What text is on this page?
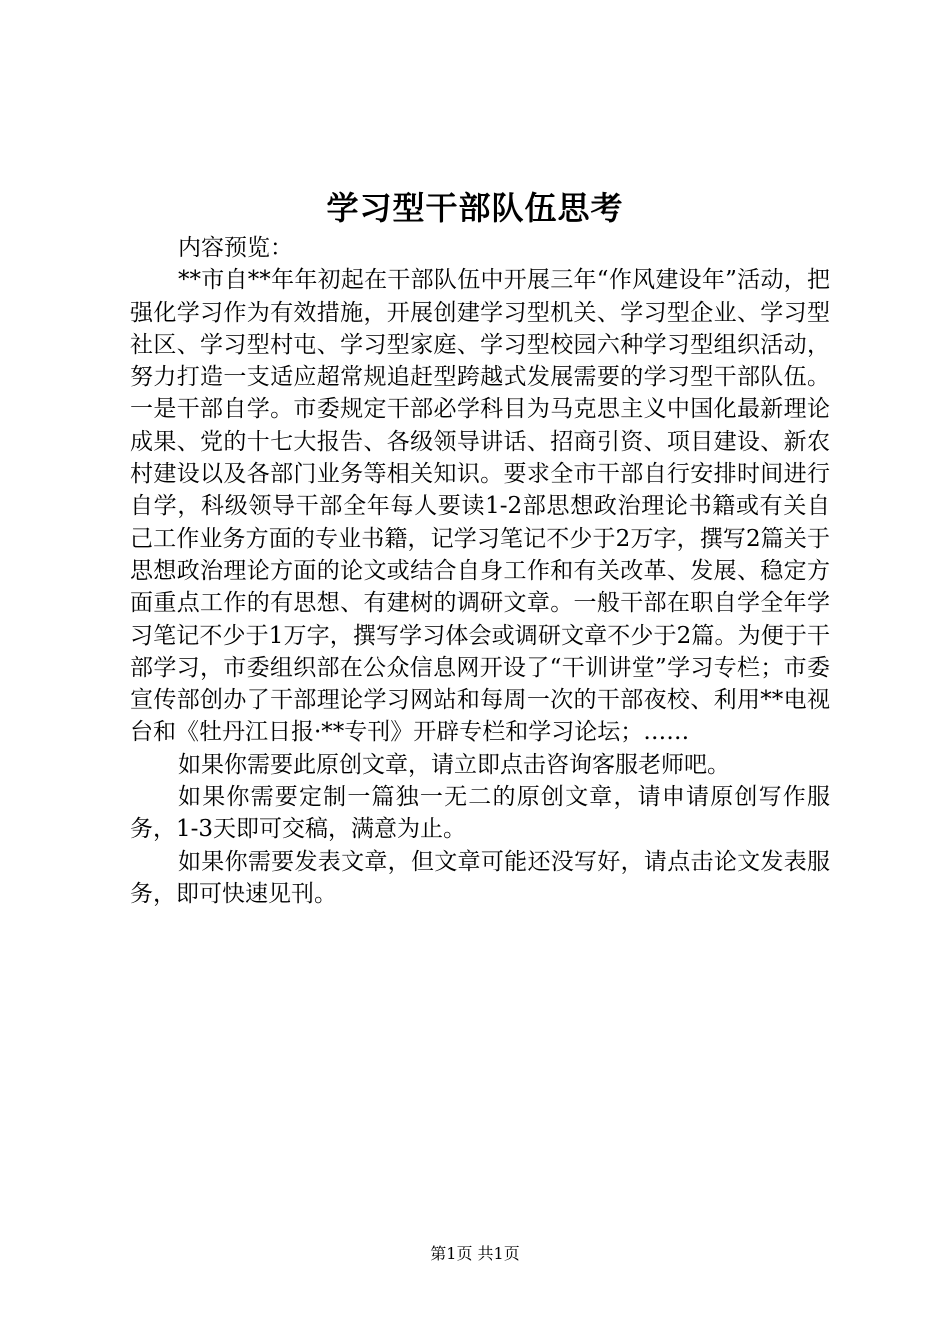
学习型干部队伍思考

内容预览：

**市自**年年初起在干部队伍中开展三年“作风建设年”活动，把强化学习作为有效措施，开展创建学习型机关、学习型企业、学习型社区、学习型村屯、学习型家庭、学习型校园六种学习型组织活动，努力打造一支适应超常规追赶型跨越式发展需要的学习型干部队伍。一是干部自学。市委规定干部必学科目为马克思主义中国化最新理论成果、党的十七大报告、各级领导讲话、招商引资、项目建设、新农村建设以及各部门业务等相关知识。要求全市干部自行安排时间进行自学，科级领导干部全年每人要读1-2部思想政治理论书籍或有关自己工作业务方面的专业书籍，记学习笔记不少于2万字，撰写2篇关于思想政治理论方面的论文或结合自身工作和有关改革、发展、稳定方面重点工作的有思想、有建树的调研文章。一般干部在职自学全年学习笔记不少于1万字，撰写学习体会或调研文章不少于2篇。为便于干部学习，市委组织部在公众信息网开设了“干训讲堂”学习专栏；市委宣传部创办了干部理论学习网站和每周一次的干部夜校、利用**电视台和《牡丹江日报·**专刊》开辟专栏和学习论坛；……

如果你需要此原创文章，请立即点击咨询客服老师吧。

如果你需要定制一篇独一无二的原创文章，请申请原创写作服务，1-3天即可交稿，满意为止。

如果你需要发表文章，但文章可能还没写好，请点击论文发表服务，即可快速见刊。

第1页 共1页
